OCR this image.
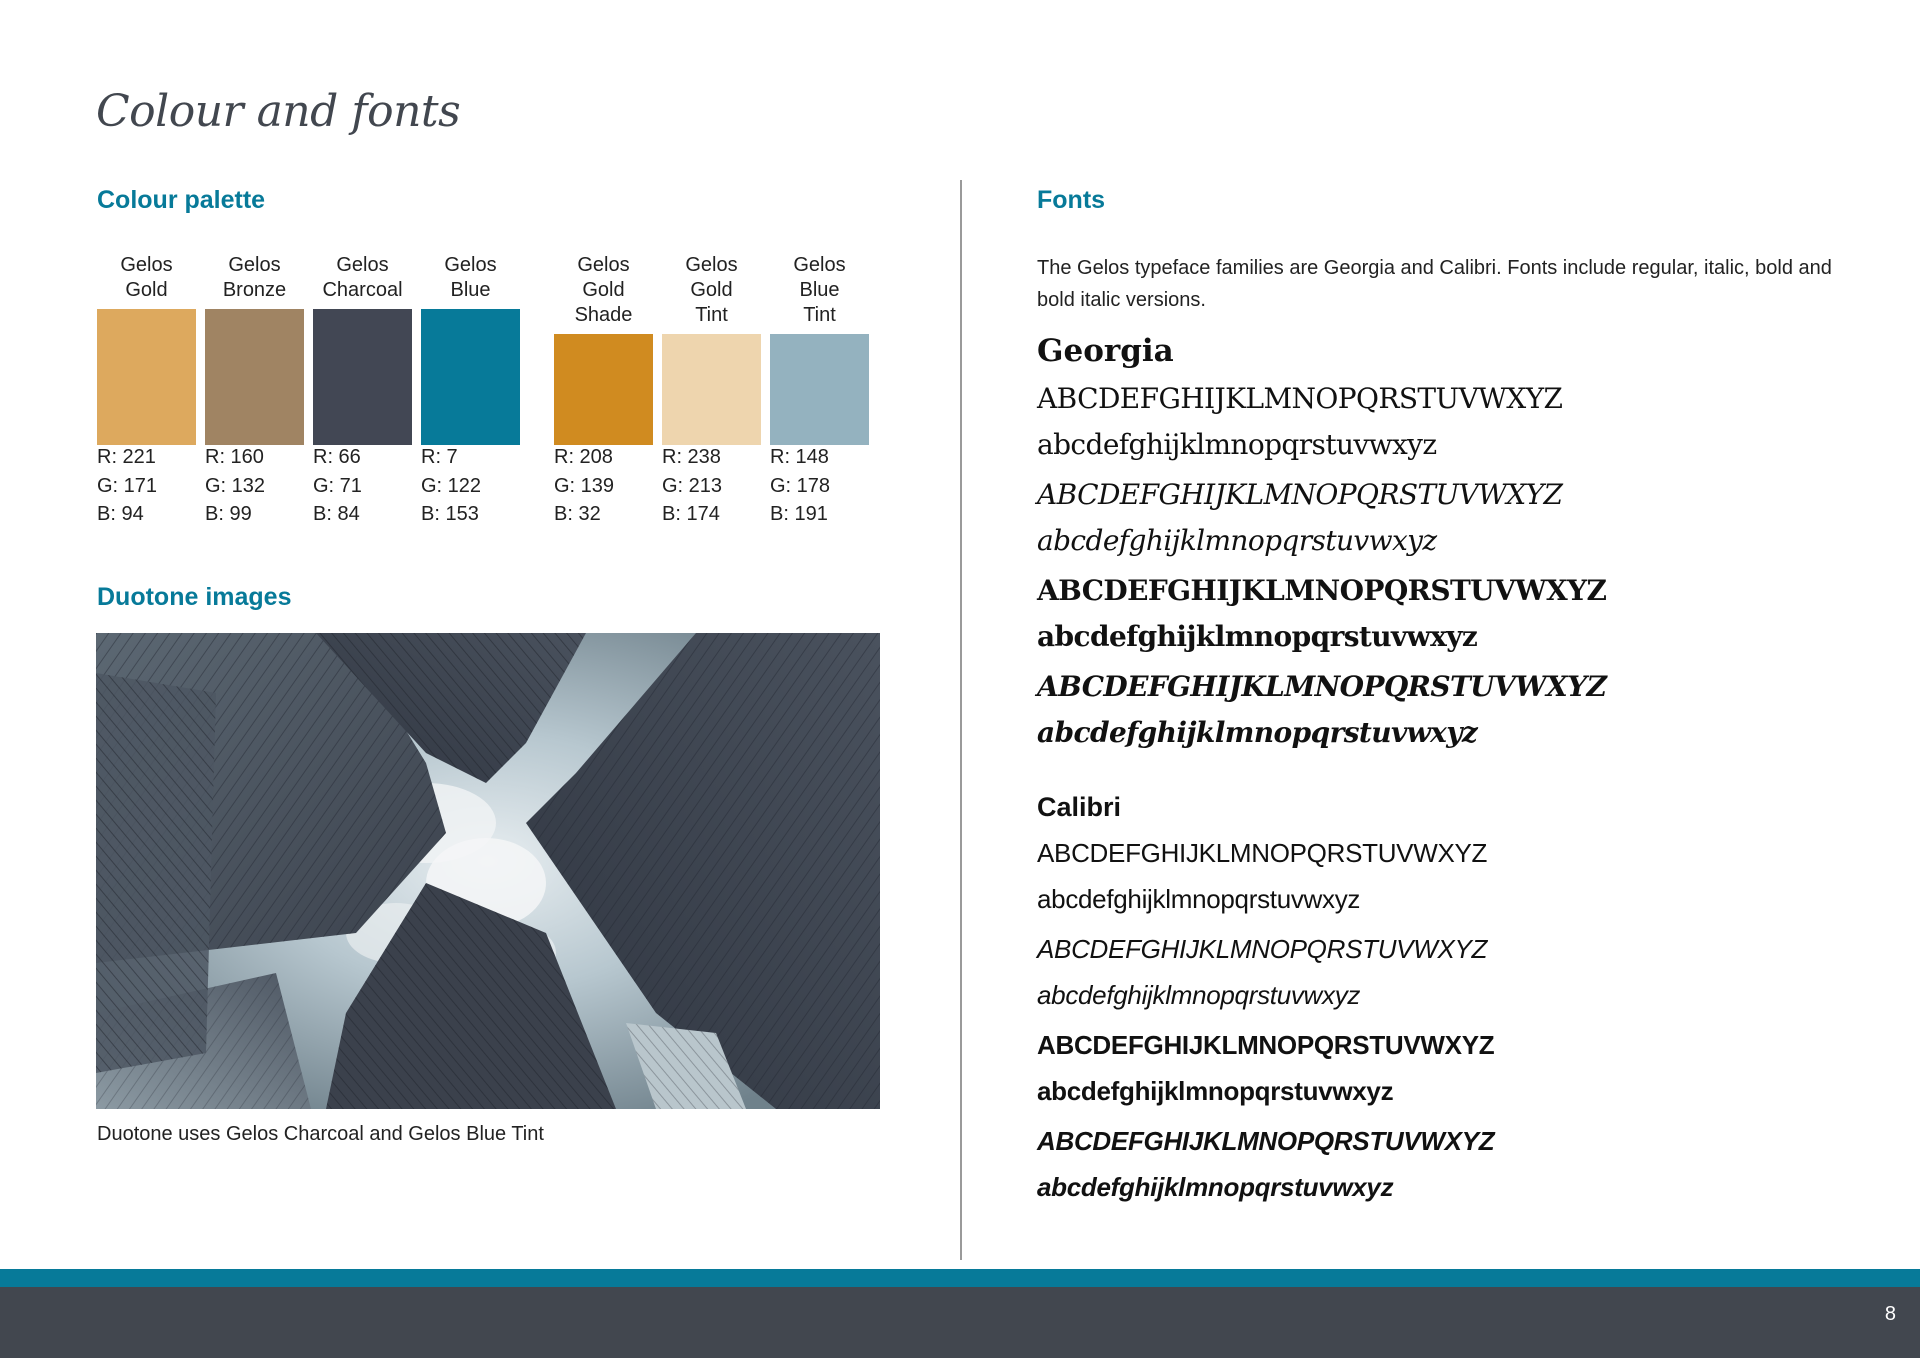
Colour and fonts
Colour palette
Gelos
Gold
R: 221
G: 171
B: 94
Gelos
Bronze
R: 160
G: 132
B: 99
Gelos
Charcoal
R: 66
G: 71
B: 84
Gelos
Blue
R: 7
G: 122
B: 153
Gelos
Gold
Shade
R: 208
G: 139
B: 32
Gelos
Gold
Tint
R: 238
G: 213
B: 174
Gelos
Blue
Tint
R: 148
G: 178
B: 191
Duotone images

Duotone uses Gelos Charcoal and Gelos Blue Tint

Fonts

The Gelos typeface families are Georgia and Calibri. Fonts include regular, italic, bold and bold italic versions.

Georgia

ABCDEFGHIJKLMNOPQRSTUVWXYZ

abcdefghijklmnopqrstuvwxyz

ABCDEFGHIJKLMNOPQRSTUVWXYZ

abcdefghijklmnopqrstuvwxyz

ABCDEFGHIJKLMNOPQRSTUVWXYZ

abcdefghijklmnopqrstuvwxyz

ABCDEFGHIJKLMNOPQRSTUVWXYZ

abcdefghijklmnopqrstuvwxyz

Calibri

ABCDEFGHIJKLMNOPQRSTUVWXYZ

abcdefghijklmnopqrstuvwxyz

ABCDEFGHIJKLMNOPQRSTUVWXYZ

abcdefghijklmnopqrstuvwxyz

ABCDEFGHIJKLMNOPQRSTUVWXYZ

abcdefghijklmnopqrstuvwxyz

ABCDEFGHIJKLMNOPQRSTUVWXYZ

abcdefghijklmnopqrstuvwxyz

8
